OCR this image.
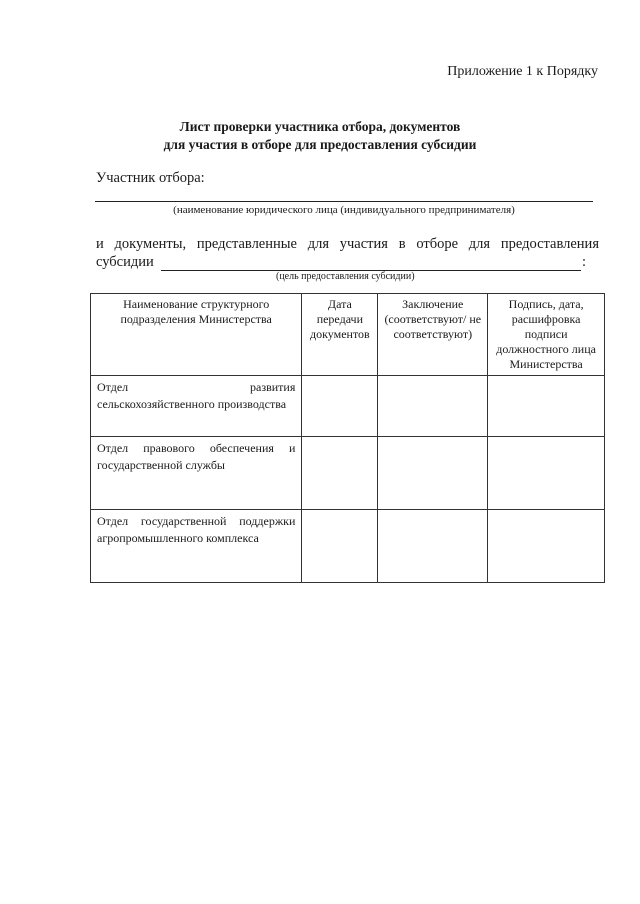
Приложение 1 к Порядку
Лист проверки участника отбора, документов
для участия в отборе для предоставления субсидии
Участник отбора:
(наименование юридического лица (индивидуального предпринимателя)
и документы, представленные для участия в отборе для предоставления
субсидии	:
(цель предоставления субсидии)
Наименование структурного подразделения Министерства	Дата передачи документов	Заключение (соответствуют/ не соответствуют)	Подпись, дата, расшифровка подписи должностного лица Министерства

Отдел развития
сельскохозяйственного производства			

Отдел правового обеспечения и
государственной службы			

Отдел государственной поддержки
агропромышленного комплекса			
